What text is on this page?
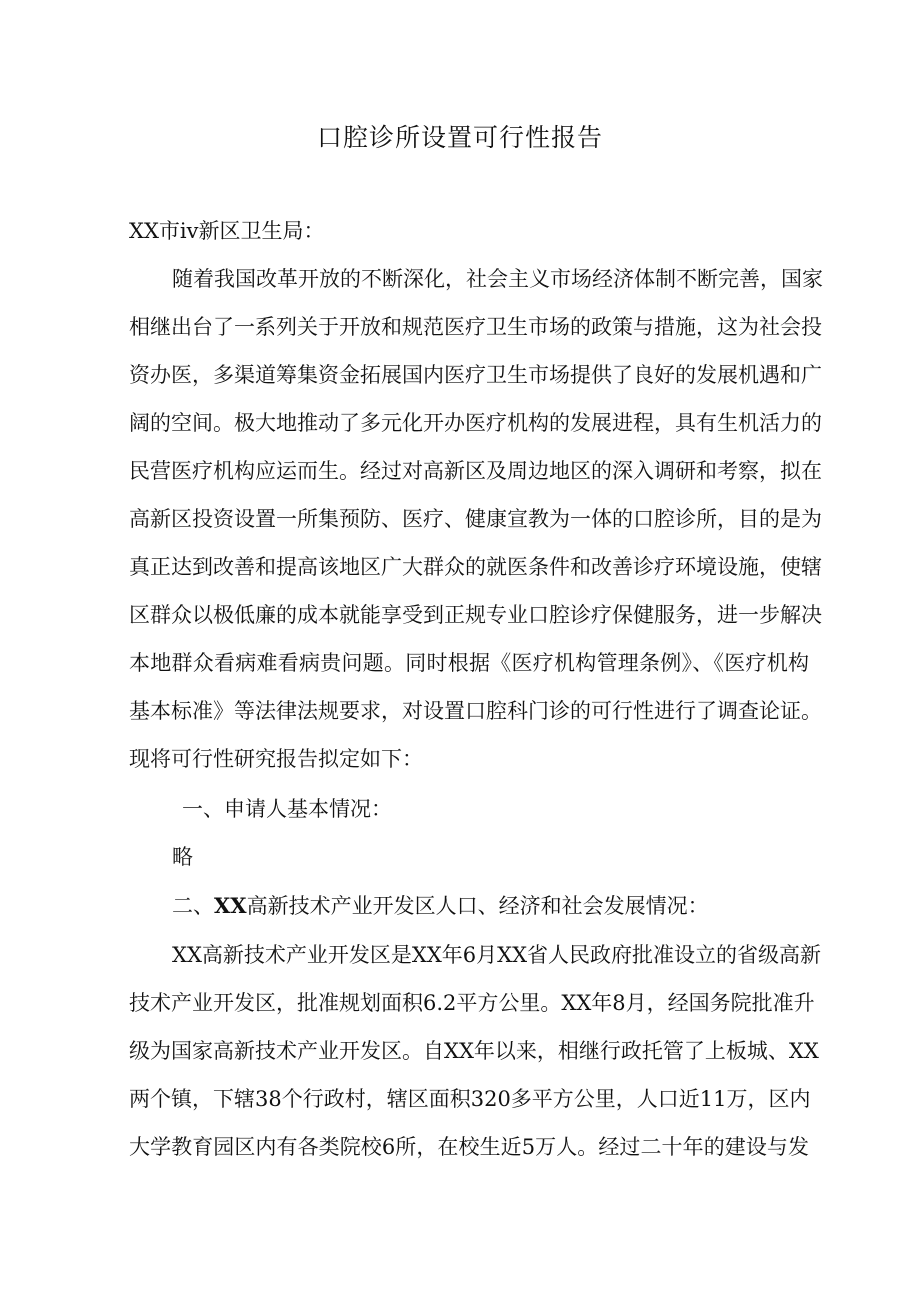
口腔诊所设置可行性报告

XX市ⅳ新区卫生局：

随着我国改革开放的不断深化，社会主义市场经济体制不断完善，国家

相继出台了一系列关于开放和规范医疗卫生市场的政策与措施，这为社会投

资办医，多渠道筹集资金拓展国内医疗卫生市场提供了良好的发展机遇和广

阔的空间。极大地推动了多元化开办医疗机构的发展进程，具有生机活力的

民营医疗机构应运而生。经过对高新区及周边地区的深入调研和考察，拟在

高新区投资设置一所集预防、医疗、健康宣教为一体的口腔诊所，目的是为

真正达到改善和提高该地区广大群众的就医条件和改善诊疗环境设施，使辖

区群众以极低廉的成本就能享受到正规专业口腔诊疗保健服务，进一步解决

本地群众看病难看病贵问题。同时根据《医疗机构管理条例》、《医疗机构

基本标准》等法律法规要求，对设置口腔科门诊的可行性进行了调查论证。

现将可行性研究报告拟定如下：

一、申请人基本情况：

略

二、XX高新技术产业开发区人口、经济和社会发展情况：

XX高新技术产业开发区是XX年6月XX省人民政府批准设立的省级高新

技术产业开发区，批准规划面积6.2平方公里。XX年8月，经国务院批准升

级为国家高新技术产业开发区。自XX年以来，相继行政托管了上板城、XX

两个镇，下辖38个行政村，辖区面积320多平方公里，人口近11万，区内

大学教育园区内有各类院校6所，在校生近5万人。经过二十年的建设与发
